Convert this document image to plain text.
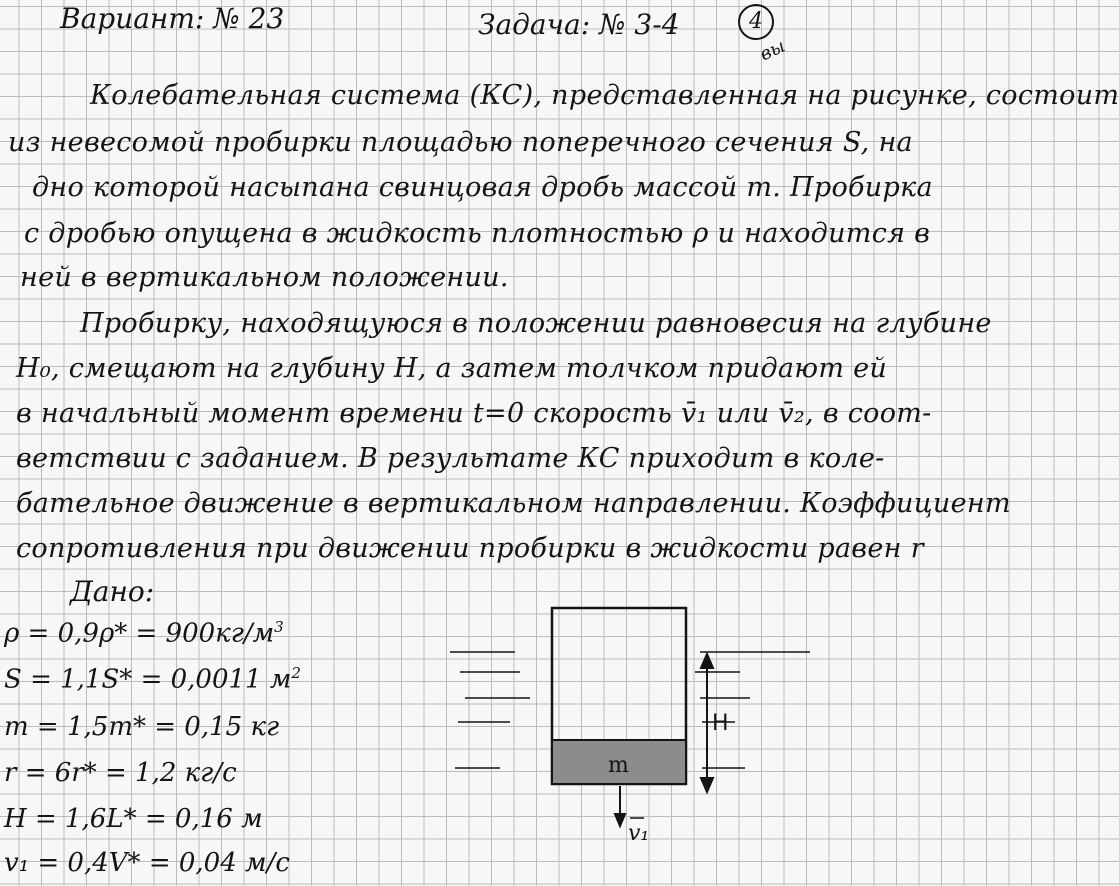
Вариант: № 23	Задача: № 3-4	4
вы
Колебательная система (КС), представленная на рисунке, состоит
из невесомой пробирки площадью поперечного сечения S, на
дно которой насыпана свинцовая дробь массой m. Пробирка
с дробью опущена в жидкость плотностью ρ и находится в
ней в вертикальном положении.
Пробирку, находящуюся в положении равновесия на глубине
H₀, смещают на глубину H, а затем толчком придают ей
в начальный момент времени t=0 скорость v̄₁ или v̄₂, в соот-
ветствии с заданием. В результате КС приходит в коле-
бательное движение в вертикальном направлении. Коэффициент
сопротивления при движении пробирки в жидкости равен r
Дано:
$\rho = 0,9\rho* = 900кг/м^3$
S = 1,1S* = 0,0011 $м^2$
m = 1,5m* = 0,15 кг
r = 6r* = 1,2 кг/с
H = 1,6L* = 0,16 м
v₁ = 0,4V* = 0,04 м/с
m
H
v₁
